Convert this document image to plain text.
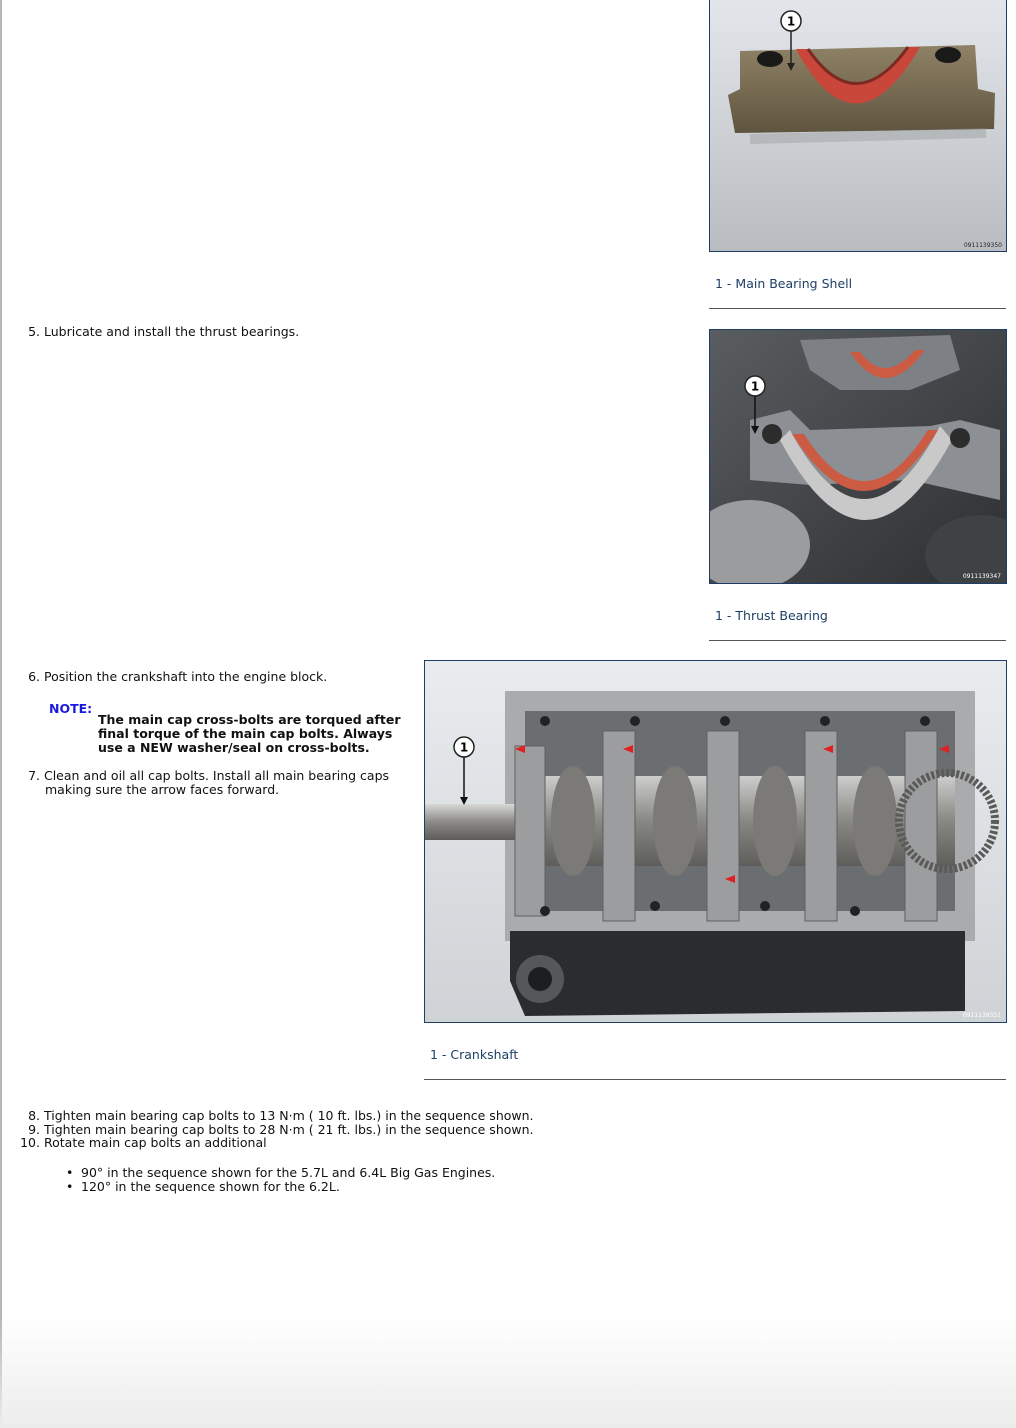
1
0911139350
1 - Main Bearing Shell
5. Lubricate and install the thrust bearings.
1
0911139347
1 - Thrust Bearing
6. Position the crankshaft into the engine block.
NOTE:
The main cap cross-bolts are torqued after final torque of the main cap bolts. Always use a NEW washer/seal on cross-bolts.
7. Clean and oil all cap bolts. Install all main bearing caps
making sure the arrow faces forward.
1
0911139351
1 - Crankshaft
8. Tighten main bearing cap bolts to 13 N·m ( 10 ft. lbs.) in the sequence shown.
9. Tighten main bearing cap bolts to 28 N·m ( 21 ft. lbs.) in the sequence shown.
10. Rotate main cap bolts an additional
• 90° in the sequence shown for the 5.7L and 6.4L Big Gas Engines.
• 120° in the sequence shown for the 6.2L.
